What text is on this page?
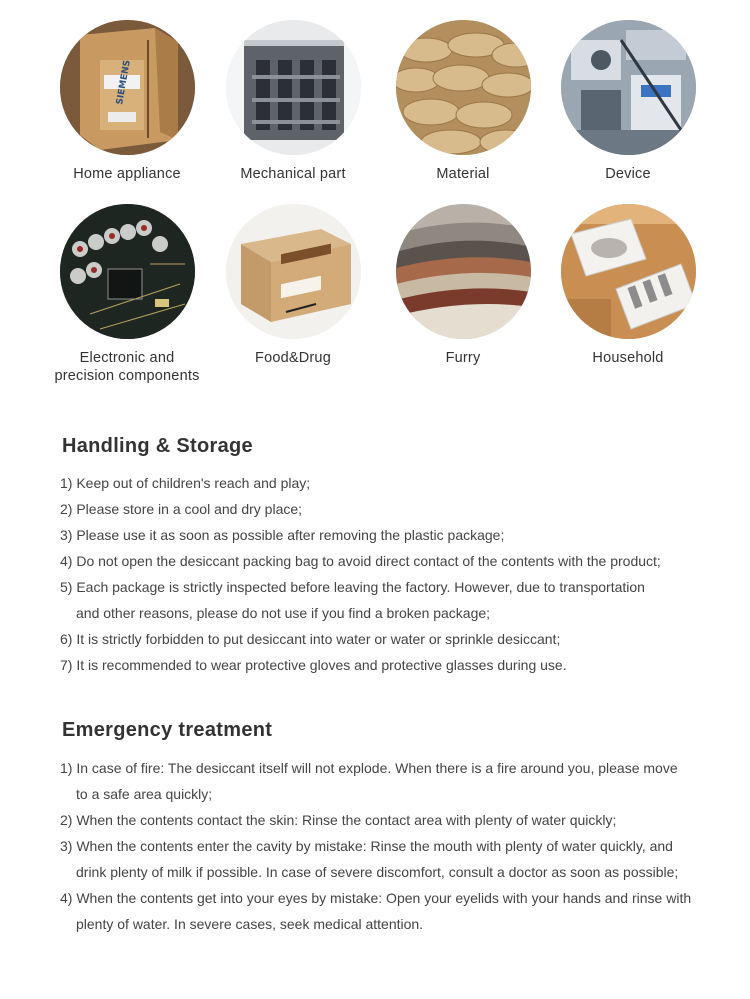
SIEMENS
Home appliance	Mechanical part	Material	Device
Electronic and
precision components
Food&Drug	Furry	Household
Handling & Storage
1) Keep out of children's reach and play;
2) Please store in a cool and dry place;
3) Please use it as soon as possible after removing the plastic package;
4) Do not open the desiccant packing bag to avoid direct contact of the contents with the product;
5) Each package is strictly inspected before leaving the factory. However, due to transportation
and other reasons, please do not use if you find a broken package;
6) It is strictly forbidden to put desiccant into water or water or sprinkle desiccant;
7) It is recommended to wear protective gloves and protective glasses during use.
Emergency treatment
1) In case of fire: The desiccant itself will not explode. When there is a fire around you, please move
to a safe area quickly;
2) When the contents contact the skin: Rinse the contact area with plenty of water quickly;
3) When the contents enter the cavity by mistake: Rinse the mouth with plenty of water quickly, and
drink plenty of milk if possible. In case of severe discomfort, consult a doctor as soon as possible;
4) When the contents get into your eyes by mistake: Open your eyelids with your hands and rinse with
plenty of water. In severe cases, seek medical attention.
